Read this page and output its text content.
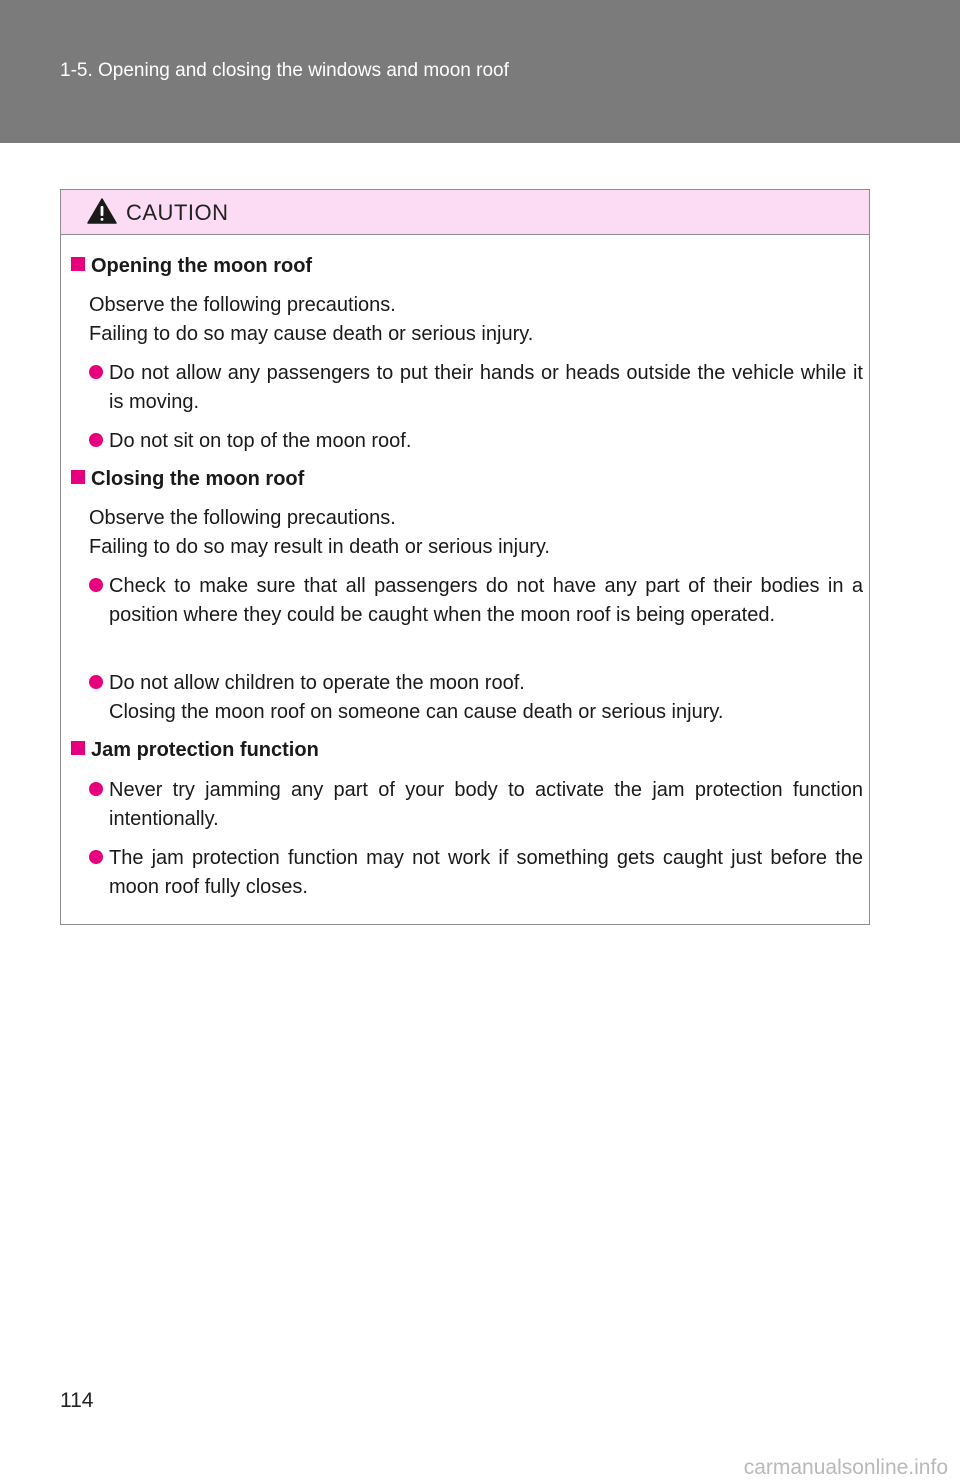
1-5. Opening and closing the windows and moon roof
CAUTION
Opening the moon roof
Observe the following precautions.
Failing to do so may cause death or serious injury.
Do not allow any passengers to put their hands or heads outside the vehicle while it is moving.
Do not sit on top of the moon roof.
Closing the moon roof
Observe the following precautions.
Failing to do so may result in death or serious injury.
Check to make sure that all passengers do not have any part of their bodies in a position where they could be caught when the moon roof is being operated.
Do not allow children to operate the moon roof.
Closing the moon roof on someone can cause death or serious injury.
Jam protection function
Never try jamming any part of your body to activate the jam protection function intentionally.
The jam protection function may not work if something gets caught just before the moon roof fully closes.
114
carmanualsonline.info
